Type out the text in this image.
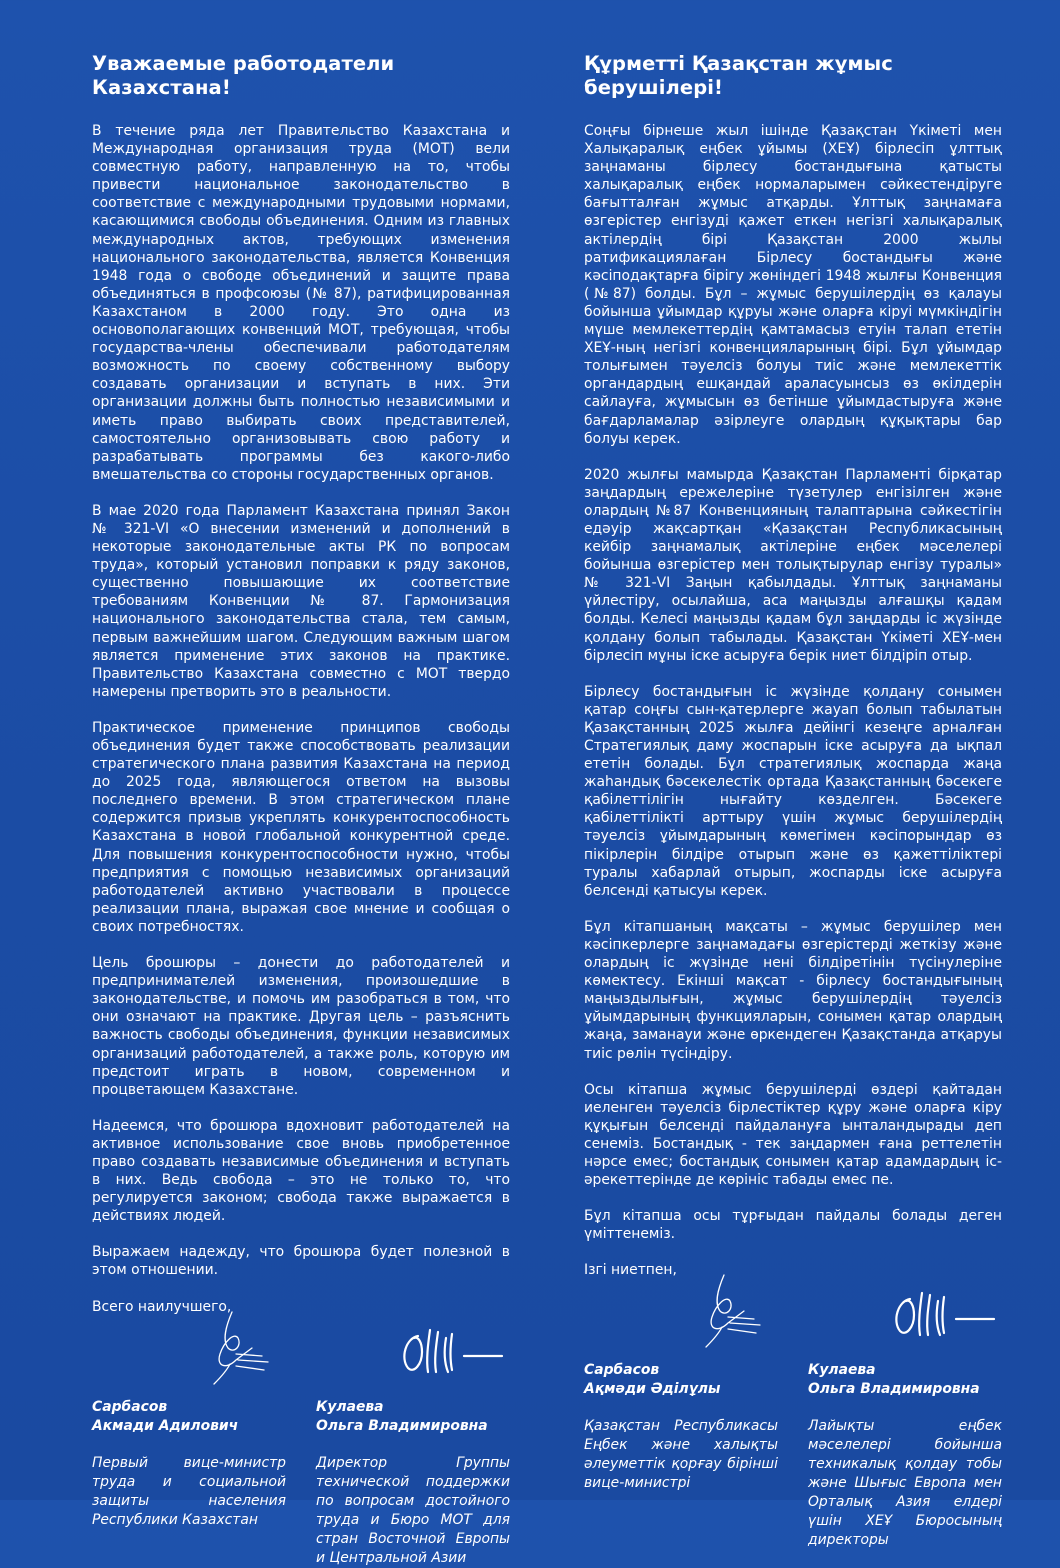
Уважаемые работодатели
Казахстана!

В течение ряда лет Правительство Казахстана и Международная организация труда (МОТ) вели совместную работу, направленную на то, чтобы привести национальное законодательство в соответствие с международными трудовыми нормами, касающимися свободы объединения. Одним из главных международных актов, требующих изменения национального законодательства, является Конвенция 1948 года о свободе объединений и защите права объединяться в профсоюзы (№ 87), ратифицированная Казахстаном в 2000 году. Это одна из основополагающих конвенций МОТ, требующая, чтобы государства-члены обеспечивали работодателям возможность по своему собственному выбору создавать организации и вступать в них. Эти организации должны быть полностью независимыми и иметь право выбирать своих представителей, самостоятельно организовывать свою работу и разрабатывать программы без какого-либо вмешательства со стороны государственных органов.

В мае 2020 года Парламент Казахстана принял Закон № 321-VI «О внесении изменений и дополнений в некоторые законодательные акты РК по вопросам труда», который установил поправки к ряду законов, существенно повышающие их соответствие требованиям Конвенции № 87. Гармонизация национального законодательства стала, тем самым, первым важнейшим шагом. Следующим важным шагом является применение этих законов на практике. Правительство Казахстана совместно с МОТ твердо намерены претворить это в реальности.

Практическое применение принципов свободы объединения будет также способствовать реализации стратегического плана развития Казахстана на период до 2025 года, являющегося ответом на вызовы последнего времени. В этом стратегическом плане содержится призыв укреплять конкурентоспособность Казахстана в новой глобальной конкурентной среде. Для повышения конкурентоспособности нужно, чтобы предприятия с помощью независимых организаций работодателей активно участвовали в процессе реализации плана, выражая свое мнение и сообщая о своих потребностях.

Цель брошюры – донести до работодателей и предпринимателей изменения, произошедшие в законодательстве, и помочь им разобраться в том, что они означают на практике. Другая цель – разъяснить важность свободы объединения, функции независимых организаций работодателей, а также роль, которую им предстоит играть в новом, современном и процветающем Казахстане.

Надеемся, что брошюра вдохновит работодателей на активное использование свое вновь приобретенное право создавать независимые объединения и вступать в них. Ведь свобода – это не только то, что регулируется законом; свобода также выражается в действиях людей.

Выражаем надежду, что брошюра будет полезной в этом отношении.

Всего наилучшего,

Сарбасов
Акмади Адилович

Первый вице-министр труда и социальной защиты населения Республики Казахстан

Кулаева
Ольга Владимировна

Директор Группы технической поддержки по вопросам достойного труда и Бюро МОТ для стран Восточной Европы и Центральной Азии

Құрметті Қазақстан жұмыс
берушілері!

Соңғы бірнеше жыл ішінде Қазақстан Үкіметі мен Халықаралық еңбек ұйымы (ХЕҰ) бірлесіп ұлттық заңнаманы бірлесу бостандығына қатысты халықаралық еңбек нормаларымен сәйкестендіруге бағытталған жұмыс атқарды. Ұлттық заңнамаға өзгерістер енгізуді қажет еткен негізгі халықаралық актілердің бірі Қазақстан 2000 жылы ратификациялаған Бірлесу бостандығы және кәсіподақтарға бірігу жөніндегі 1948 жылғы Конвенция (№87) болды. Бұл – жұмыс берушілердің өз қалауы бойынша ұйымдар құруы және оларға кіруі мүмкіндігін мүше мемлекеттердің қамтамасыз етуін талап ететін ХЕҰ-ның негізгі конвенцияларының бірі. Бұл ұйымдар толығымен тәуелсіз болуы тиіс және мемлекеттік органдардың ешқандай араласуынсыз өз өкілдерін сайлауға, жұмысын өз бетінше ұйымдастыруға және бағдарламалар әзірлеуге олардың құқықтары бар болуы керек.

2020 жылғы мамырда Қазақстан Парламенті бірқатар заңдардың ережелеріне түзетулер енгізілген және олардың №87 Конвенцияның талаптарына сәйкестігін едәуір жақсартқан «Қазақстан Республикасының кейбір заңнамалық актілеріне еңбек мәселелері бойынша өзгерістер мен толықтырулар енгізу туралы» № 321-VI Заңын қабылдады. Ұлттық заңнаманы үйлестіру, осылайша, аса маңызды алғашқы қадам болды. Келесі маңызды қадам бұл заңдарды іс жүзінде қолдану болып табылады. Қазақстан Үкіметі ХЕҰ-мен бірлесіп мұны іске асыруға берік ниет білдіріп отыр.

Бірлесу бостандығын іс жүзінде қолдану сонымен қатар соңғы сын-қатерлерге жауап болып табылатын Қазақстанның 2025 жылға дейінгі кезеңге арналған Стратегиялық даму жоспарын іске асыруға да ықпал ететін болады. Бұл стратегиялық жоспарда жаңа жаһандық бәсекелестік ортада Қазақстанның бәсекеге қабілеттілігін нығайту көзделген. Бәсекеге қабілеттілікті арттыру үшін жұмыс берушілердің тәуелсіз ұйымдарының көмегімен кәсіпорындар өз пікірлерін білдіре отырып және өз қажеттіліктері туралы хабарлай отырып, жоспарды іске асыруға белсенді қатысуы керек.

Бұл кітапшаның мақсаты – жұмыс берушілер мен кәсіпкерлерге заңнамадағы өзгерістерді жеткізу және олардың іс жүзінде нені білдіретінін түсінулеріне көмектесу. Екінші мақсат - бірлесу бостандығының маңыздылығын, жұмыс берушілердің тәуелсіз ұйымдарының функцияларын, сонымен қатар олардың жаңа, заманауи және өркендеген Қазақстанда атқаруы тиіс рөлін түсіндіру.

Осы кітапша жұмыс берушілерді өздері қайтадан иеленген тәуелсіз бірлестіктер құру және оларға кіру құқығын белсенді пайдалануға ынталандырады деп сенеміз. Бостандық - тек заңдармен ғана реттелетін нәрсе емес; бостандық сонымен қатар адамдардың іс-әрекеттерінде де көрініс табады емес пе.

Бұл кітапша осы тұрғыдан пайдалы болады деген үміттенеміз.

Ізгі ниетпен,

Сарбасов
Ақмәди Әділұлы

Қазақстан Республикасы Еңбек және халықты әлеуметтік қорғау бірінші вице-министрі

Кулаева
Ольга Владимировна

Лайықты еңбек мәселелері бойынша техникалық қолдау тобы және Шығыс Европа мен Орталық Азия елдері үшін ХЕҰ Бюросының директоры
